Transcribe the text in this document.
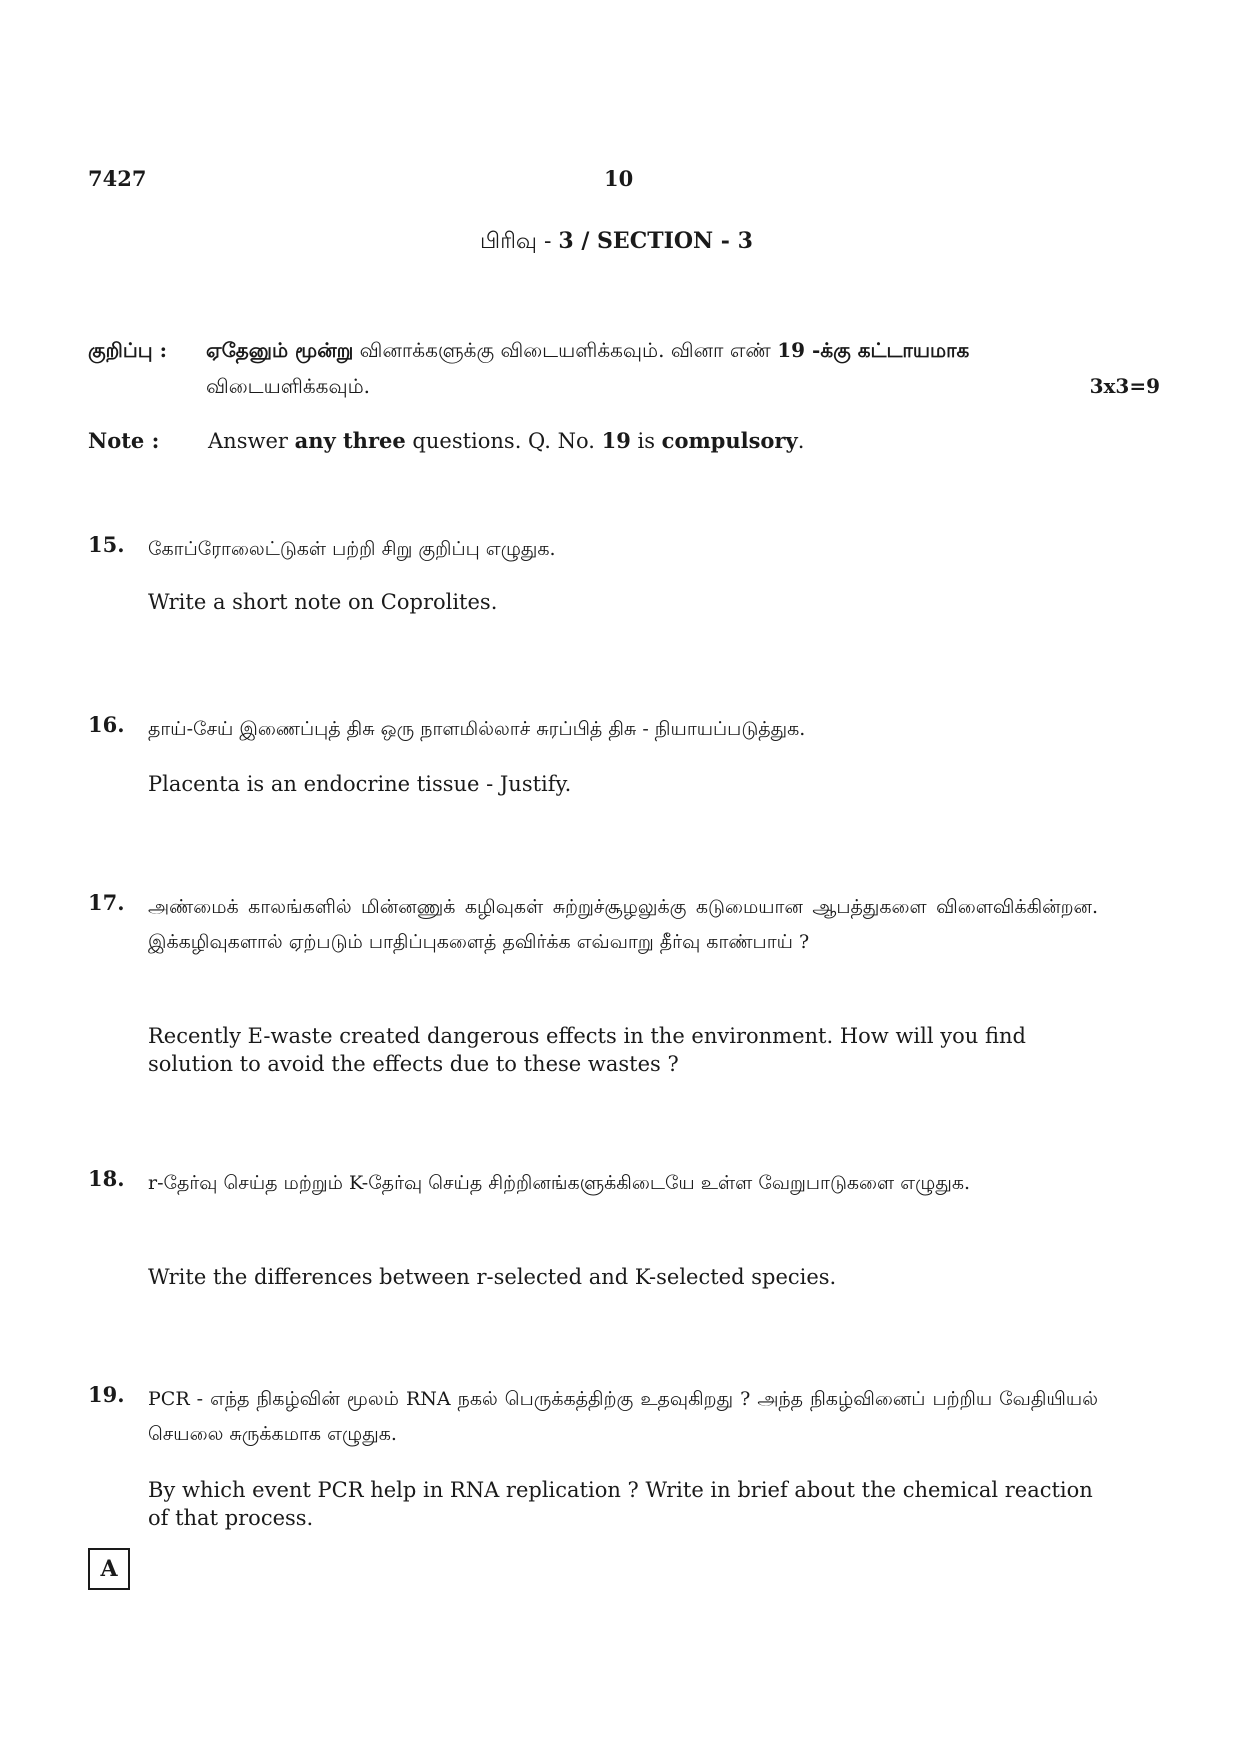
7427	10
பிரிவு - 3 / SECTION - 3
குறிப்பு : ஏதேனும் மூன்று வினாக்களுக்கு விடையளிக்கவும். வினா எண் 19 -க்கு கட்டாயமாக விடையளிக்கவும்.	3x3=9
Note : Answer any three questions. Q. No. 19 is compulsory.
15. கோப்ரோலைட்டுகள் பற்றி சிறு குறிப்பு எழுதுக.
Write a short note on Coprolites.
16. தாய்-சேய் இணைப்புத் திசு ஒரு நாளமில்லாச் சுரப்பித் திசு - நியாயப்படுத்துக.
Placenta is an endocrine tissue - Justify.
17. அண்மைக் காலங்களில் மின்னணுக் கழிவுகள் சுற்றுச்சூழலுக்கு கடுமையான ஆபத்துகளை விளைவிக்கின்றன. இக்கழிவுகளால் ஏற்படும் பாதிப்புகளைத் தவிர்க்க எவ்வாறு தீர்வு காண்பாய் ?
Recently E-waste created dangerous effects in the environment. How will you find solution to avoid the effects due to these wastes ?
18. r-தேர்வு செய்த மற்றும் K-தேர்வு செய்த சிற்றினங்களுக்கிடையே உள்ள வேறுபாடுகளை எழுதுக.
Write the differences between r-selected and K-selected species.
19. PCR - எந்த நிகழ்வின் மூலம் RNA நகல் பெருக்கத்திற்கு உதவுகிறது ? அந்த நிகழ்வினைப் பற்றிய வேதியியல் செயலை சுருக்கமாக எழுதுக.
By which event PCR help in RNA replication ? Write in brief about the chemical reaction of that process.
A
